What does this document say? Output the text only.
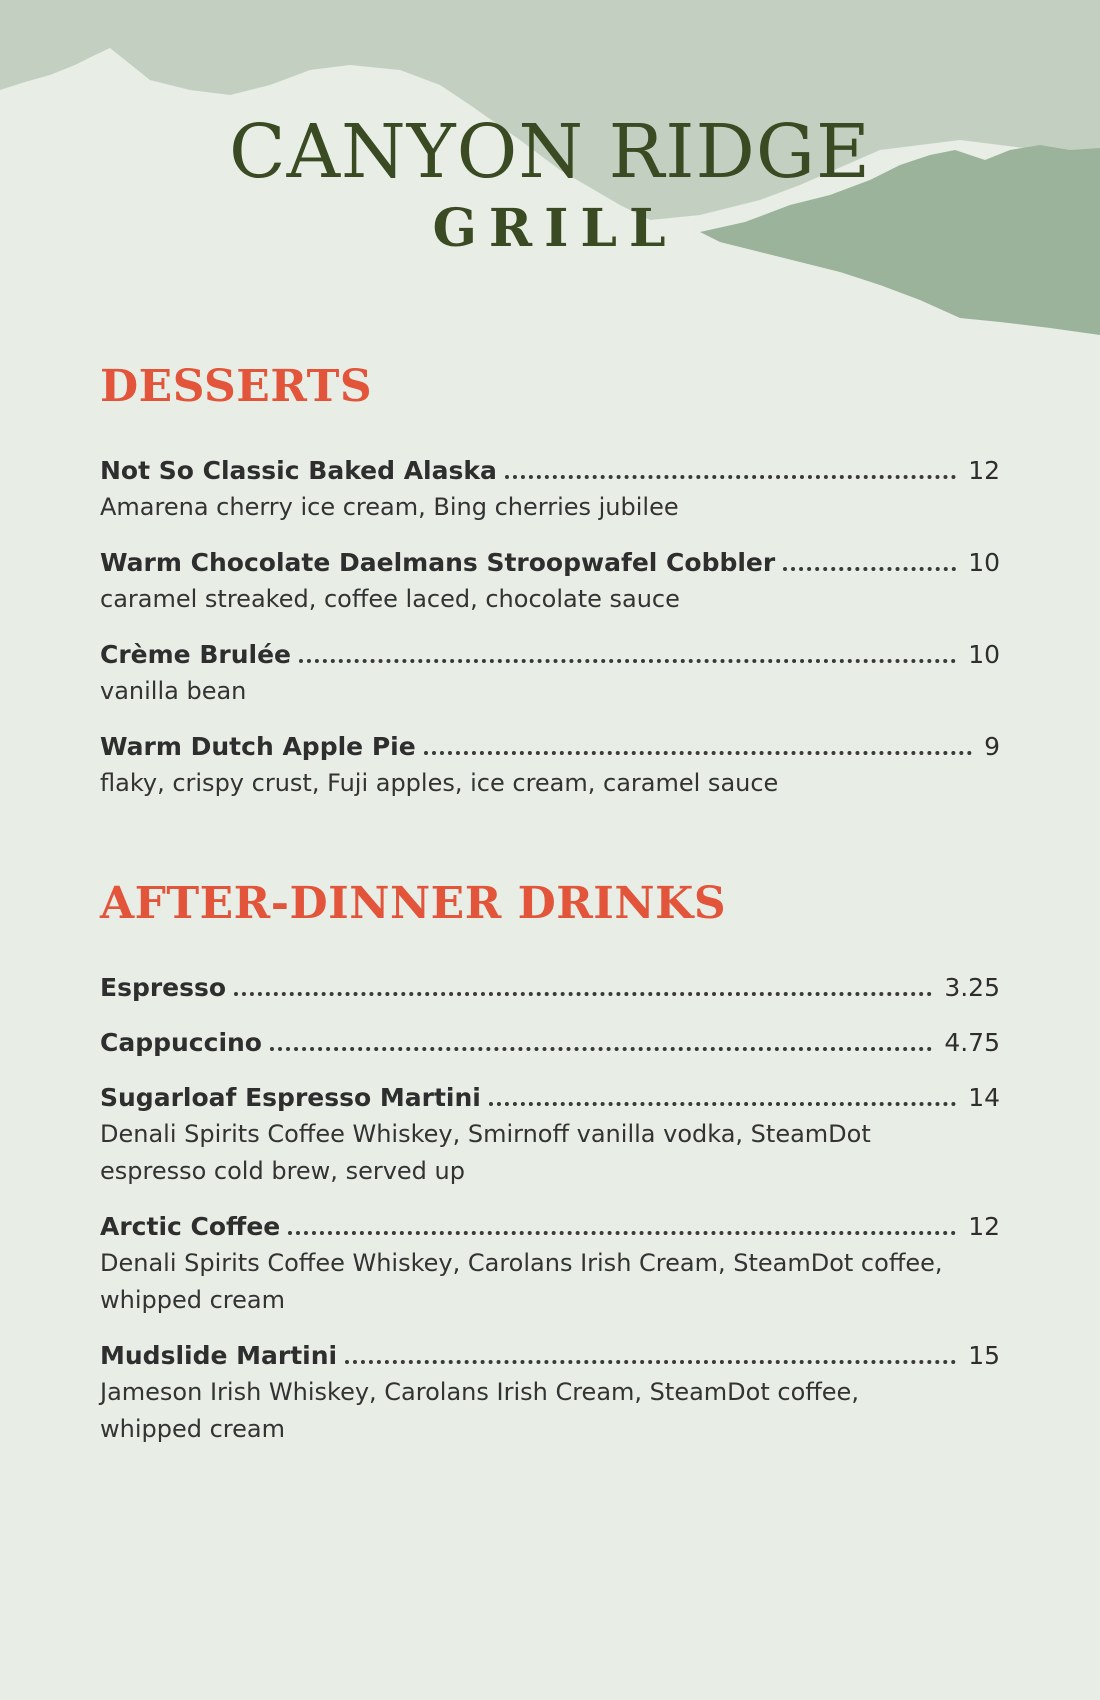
CANYON RIDGE
GRILL
DESSERTS
Not So Classic Baked Alaska	12
Amarena cherry ice cream, Bing cherries jubilee
Warm Chocolate Daelmans Stroopwafel Cobbler	10
caramel streaked, coffee laced, chocolate sauce
Crème Brulée	10
vanilla bean
Warm Dutch Apple Pie	9
flaky, crispy crust, Fuji apples, ice cream, caramel sauce
AFTER-DINNER DRINKS
Espresso	3.25
Cappuccino	4.75
Sugarloaf Espresso Martini	14
Denali Spirits Coffee Whiskey, Smirnoff vanilla vodka, SteamDot
espresso cold brew, served up
Arctic Coffee	12
Denali Spirits Coffee Whiskey, Carolans Irish Cream, SteamDot coffee,
whipped cream
Mudslide Martini	15
Jameson Irish Whiskey, Carolans Irish Cream, SteamDot coffee,
whipped cream
